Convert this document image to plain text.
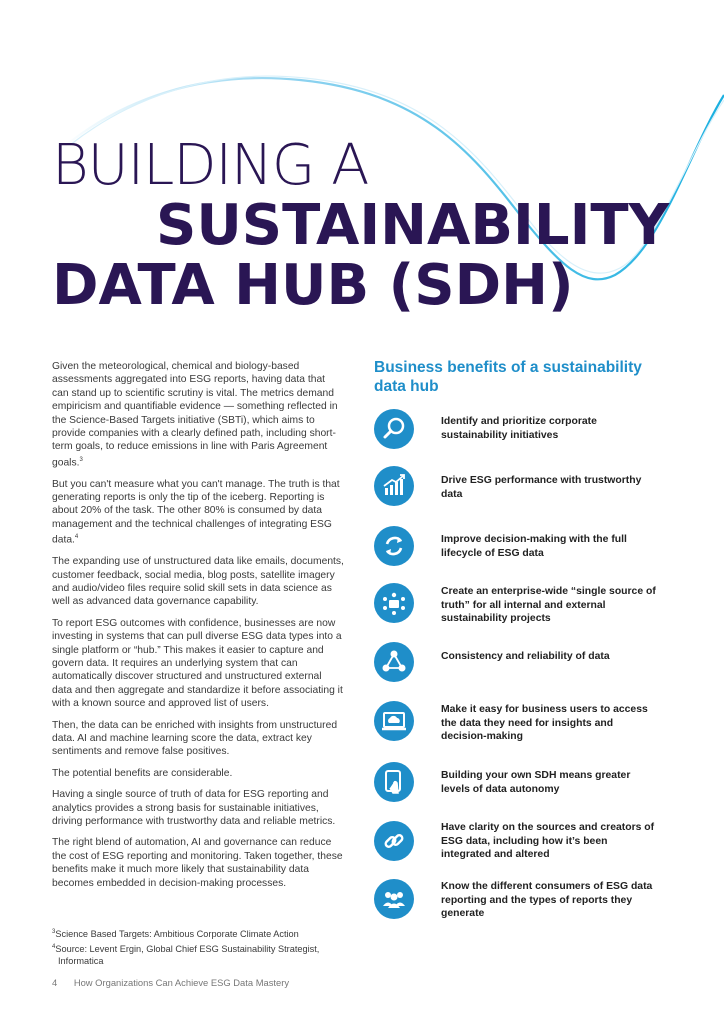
BUILDING A
SUSTAINABILITY
DATA HUB (SDH)

Given the meteorological, chemical and biology-based assessments aggregated into ESG reports, having data that can stand up to scientific scrutiny is vital. The metrics demand empiricism and quantifiable evidence — something reflected in the Science-Based Targets initiative (SBTi), which aims to provide companies with a clearly defined path, including short-term goals, to reduce emissions in line with Paris Agreement goals.$^3$

But you can't measure what you can't manage. The truth is that generating reports is only the tip of the iceberg. Reporting is about 20% of the task. The other 80% is consumed by data management and the technical challenges of integrating ESG data.$^4$

The expanding use of unstructured data like emails, documents, customer feedback, social media, blog posts, satellite imagery and audio/video files require solid skill sets in data science as well as advanced data governance capability.

To report ESG outcomes with confidence, businesses are now investing in systems that can pull diverse ESG data types into a single platform or “hub.” This makes it easier to capture and govern data. It requires an underlying system that can automatically discover structured and unstructured external data and then aggregate and standardize it before associating it with a known source and approved list of users.

Then, the data can be enriched with insights from unstructured data. AI and machine learning score the data, extract key sentiments and remove false positives.

The potential benefits are considerable.

Having a single source of truth of data for ESG reporting and analytics provides a strong basis for sustainable initiatives, driving performance with trustworthy data and reliable metrics.

The right blend of automation, AI and governance can reduce the cost of ESG reporting and monitoring. Taken together, these benefits make it much more likely that sustainability data becomes embedded in decision-making processes.

$^3$Science Based Targets: Ambitious Corporate Climate Action
$^4$Source: Levent Ergin, Global Chief ESG Sustainability Strategist,
Informatica
4 How Organizations Can Achieve ESG Data Mastery
Business benefits of a sustainability data hub
Identify and prioritize corporate sustainability initiatives
Drive ESG performance with trustworthy data
Improve decision-making with the full lifecycle of ESG data
Create an enterprise-wide “single source of truth” for all internal and external sustainability projects
Consistency and reliability of data
Make it easy for business users to access the data they need for insights and decision-making
Building your own SDH means greater levels of data autonomy
Have clarity on the sources and creators of ESG data, including how it’s been integrated and altered
Know the different consumers of ESG data reporting and the types of reports they generate
